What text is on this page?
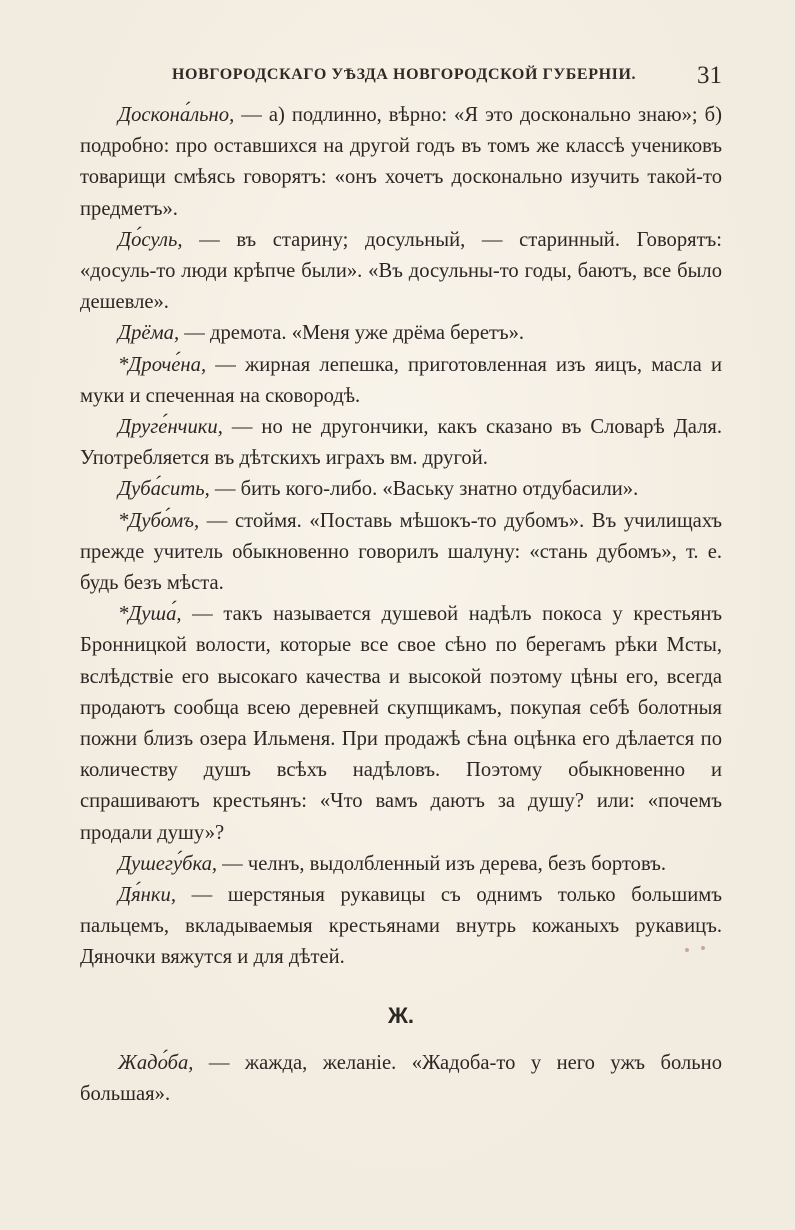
НОВГОРОДСКАГО УѢЗДА НОВГОРОДСКОЙ ГУБЕРНІИ. 31

Доскона́льно, — а) подлинно, вѣрно: «Я это досконально знаю»; б) подробно: про оставшихся на другой годъ въ томъ же классѣ учениковъ товарищи смѣясь говорятъ: «онъ хочетъ досконально изучить такой-то предметъ».

До́суль, — въ старину; досульный, — старинный. Говорятъ: «досуль-то люди крѣпче были». «Въ досульны-то годы, баютъ, все было дешевле».

Дрёма, — дремота. «Меня уже дрёма беретъ».

*Дроче́на, — жирная лепешка, приготовленная изъ яицъ, масла и муки и спеченная на сковородѣ.

Друге́нчики, — но не другончики, какъ сказано въ Словарѣ Даля. Употребляется въ дѣтскихъ играхъ вм. другой.

Дуба́сить, — бить кого-либо. «Ваську знатно отдубасили».

*Дубо́мъ, — стоймя. «Поставь мѣшокъ-то дубомъ». Въ училищахъ прежде учитель обыкновенно говорилъ шалуну: «стань дубомъ», т. е. будь безъ мѣста.

*Душа́, — такъ называется душевой надѣлъ покоса у крестьянъ Бронницкой волости, которые все свое сѣно по берегамъ рѣки Мсты, вслѣдствіе его высокаго качества и высокой поэтому цѣны его, всегда продаютъ сообща всею деревней скупщикамъ, покупая себѣ болотныя пожни близъ озера Ильменя. При продажѣ сѣна оцѣнка его дѣлается по количеству душъ всѣхъ надѣловъ. Поэтому обыкновенно и спрашиваютъ крестьянъ: «Что вамъ даютъ за душу? или: «почемъ продали душу»?

Душегу́бка, — челнъ, выдолбленный изъ дерева, безъ бортовъ.

Дя́нки, — шерстяныя рукавицы съ однимъ только большимъ пальцемъ, вкладываемыя крестьянами внутрь кожаныхъ рукавицъ. Дяночки вяжутся и для дѣтей.

Ж.

Жадо́ба, — жажда, желаніе. «Жадоба-то у него ужъ больно большая».
